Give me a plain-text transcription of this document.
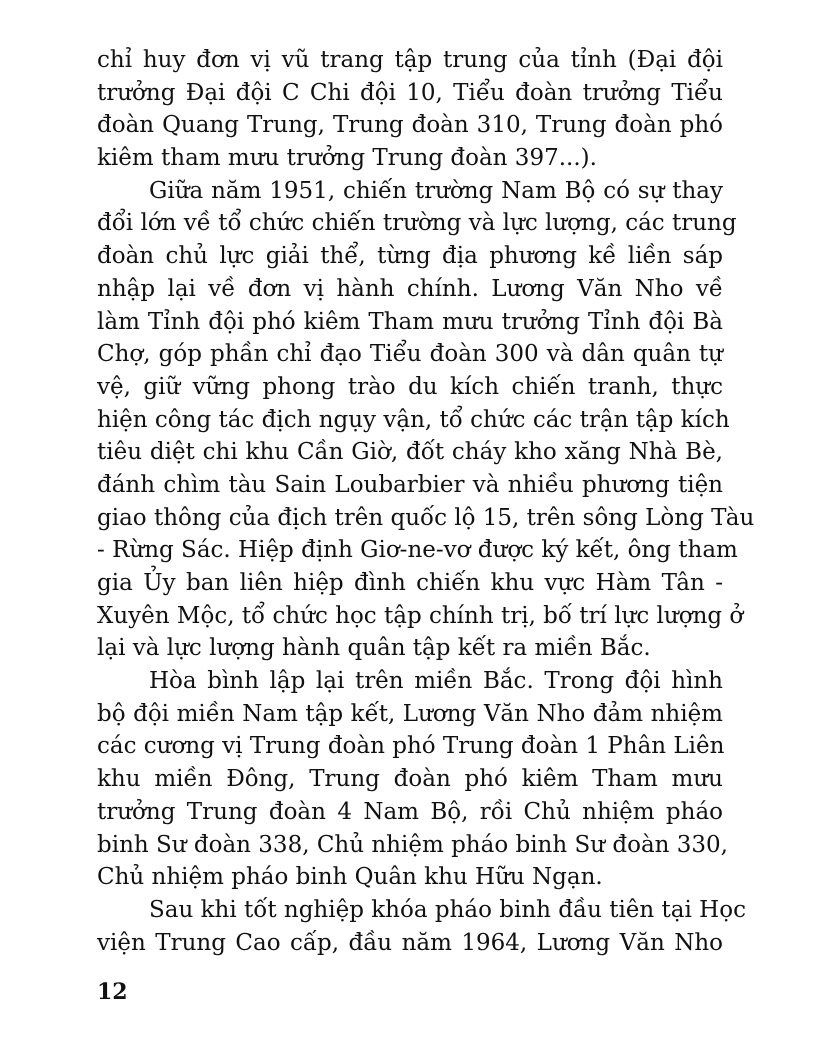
chỉ huy đơn vị vũ trang tập trung của tỉnh (Đại đội
trưởng Đại đội C Chi đội 10, Tiểu đoàn trưởng Tiểu
đoàn Quang Trung, Trung đoàn 310, Trung đoàn phó
kiêm tham mưu trưởng Trung đoàn 397...).
Giữa năm 1951, chiến trường Nam Bộ có sự thay
đổi lớn về tổ chức chiến trường và lực lượng, các trung
đoàn chủ lực giải thể, từng địa phương kề liền sáp
nhập lại về đơn vị hành chính. Lương Văn Nho về
làm Tỉnh đội phó kiêm Tham mưu trưởng Tỉnh đội Bà
Chợ, góp phần chỉ đạo Tiểu đoàn 300 và dân quân tự
vệ, giữ vững phong trào du kích chiến tranh, thực
hiện công tác địch ngụy vận, tổ chức các trận tập kích
tiêu diệt chi khu Cần Giờ, đốt cháy kho xăng Nhà Bè,
đánh chìm tàu Sain Loubarbier và nhiều phương tiện
giao thông của địch trên quốc lộ 15, trên sông Lòng Tàu
- Rừng Sác. Hiệp định Giơ-ne-vơ được ký kết, ông tham
gia Ủy ban liên hiệp đình chiến khu vực Hàm Tân -
Xuyên Mộc, tổ chức học tập chính trị, bố trí lực lượng ở
lại và lực lượng hành quân tập kết ra miền Bắc.
Hòa bình lập lại trên miền Bắc. Trong đội hình
bộ đội miền Nam tập kết, Lương Văn Nho đảm nhiệm
các cương vị Trung đoàn phó Trung đoàn 1 Phân Liên
khu miền Đông, Trung đoàn phó kiêm Tham mưu
trưởng Trung đoàn 4 Nam Bộ, rồi Chủ nhiệm pháo
binh Sư đoàn 338, Chủ nhiệm pháo binh Sư đoàn 330,
Chủ nhiệm pháo binh Quân khu Hữu Ngạn.
Sau khi tốt nghiệp khóa pháo binh đầu tiên tại Học
viện Trung Cao cấp, đầu năm 1964, Lương Văn Nho
12
